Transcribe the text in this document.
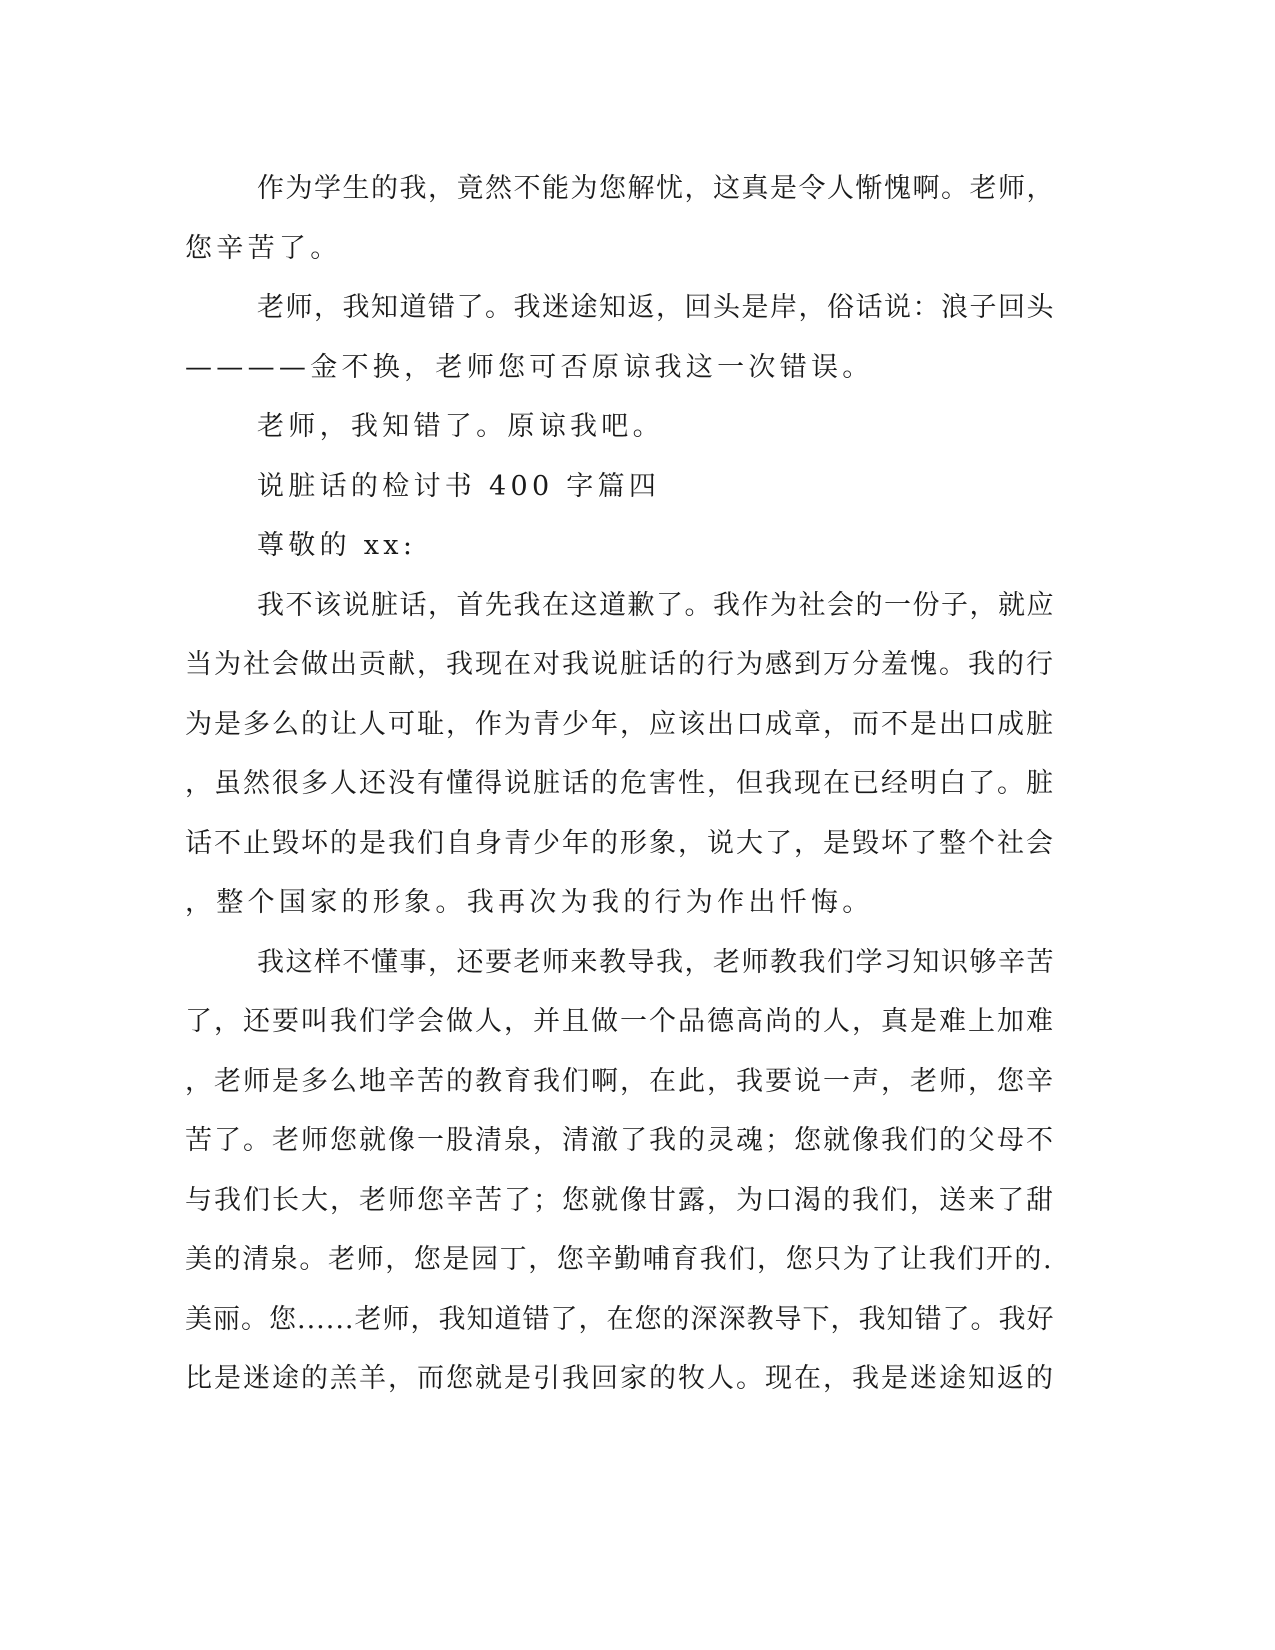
作为学生的我，竟然不能为您解忧，这真是令人惭愧啊。老师，
您辛苦了。
老师，我知道错了。我迷途知返，回头是岸，俗话说：浪子回头
————金不换，老师您可否原谅我这一次错误。
老师，我知错了。原谅我吧。
说脏话的检讨书 400 字篇四
尊敬的 xx:
我不该说脏话，首先我在这道歉了。我作为社会的一份子，就应
当为社会做出贡献，我现在对我说脏话的行为感到万分羞愧。我的行
为是多么的让人可耻，作为青少年，应该出口成章，而不是出口成脏
，虽然很多人还没有懂得说脏话的危害性，但我现在已经明白了。脏
话不止毁坏的是我们自身青少年的形象，说大了，是毁坏了整个社会
，整个国家的形象。我再次为我的行为作出忏悔。
我这样不懂事，还要老师来教导我，老师教我们学习知识够辛苦
了，还要叫我们学会做人，并且做一个品德高尚的人，真是难上加难
，老师是多么地辛苦的教育我们啊，在此，我要说一声，老师，您辛
苦了。老师您就像一股清泉，清澈了我的灵魂；您就像我们的父母不
与我们长大，老师您辛苦了；您就像甘露，为口渴的我们，送来了甜
美的清泉。老师，您是园丁，您辛勤哺育我们，您只为了让我们开的.
美丽。您......老师，我知道错了，在您的深深教导下，我知错了。我好
比是迷途的羔羊，而您就是引我回家的牧人。现在，我是迷途知返的
